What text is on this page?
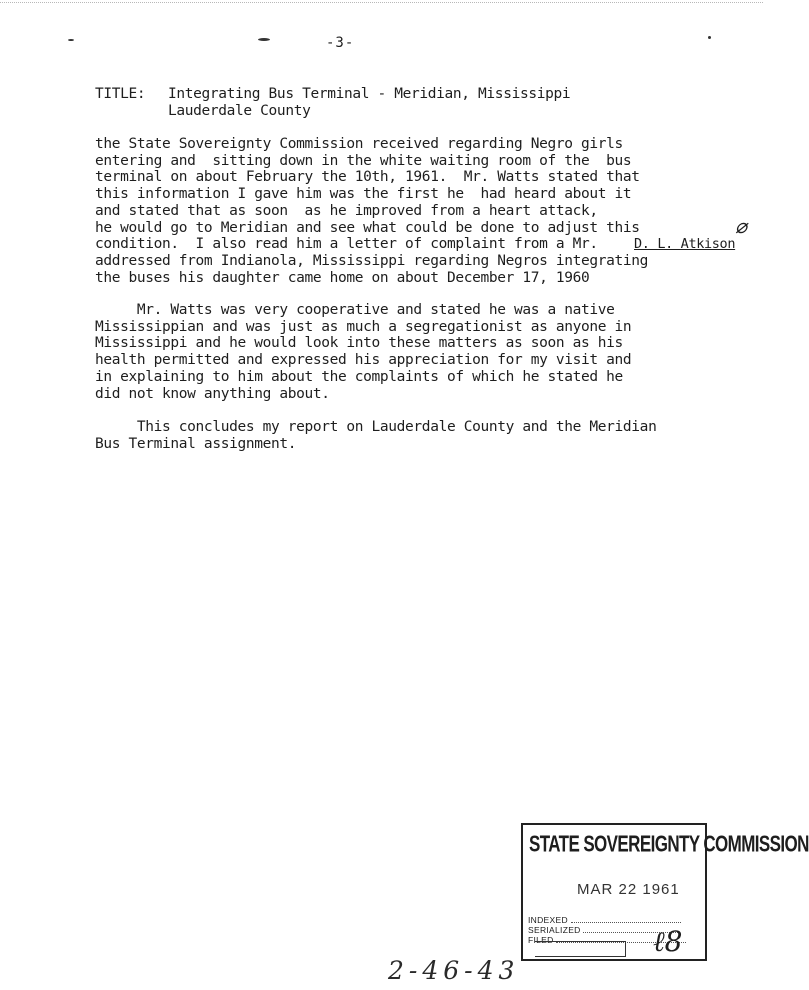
-3-
TITLE: Integrating Bus Terminal - Meridian, Mississippi
Lauderdale County
the State Sovereignty Commission received regarding Negro girls
entering and  sitting down in the white waiting room of the  bus
terminal on about February the 10th, 1961.  Mr. Watts stated that
this information I gave him was the first he  had heard about it
and stated that as soon  as he improved from a heart attack,
he would go to Meridian and see what could be done to adjust this
condition.  I also read him a letter of complaint from a Mr.	D. L. Atkison
addressed from Indianola, Mississippi regarding Negros integrating
the buses his daughter came home on about December 17, 1960
⌀
Mr. Watts was very cooperative and stated he was a native
Mississippian and was just as much a segregationist as anyone in
Mississippi and he would look into these matters as soon as his
health permitted and expressed his appreciation for my visit and
in explaining to him about the complaints of which he stated he
did not know anything about.
This concludes my report on Lauderdale County and the Meridian
Bus Terminal assignment.
STATE SOVEREIGNTY COMMISSION
MAR 22 1961
INDEXED
SERIALIZED
FILED	ℓ8
2-46-43
